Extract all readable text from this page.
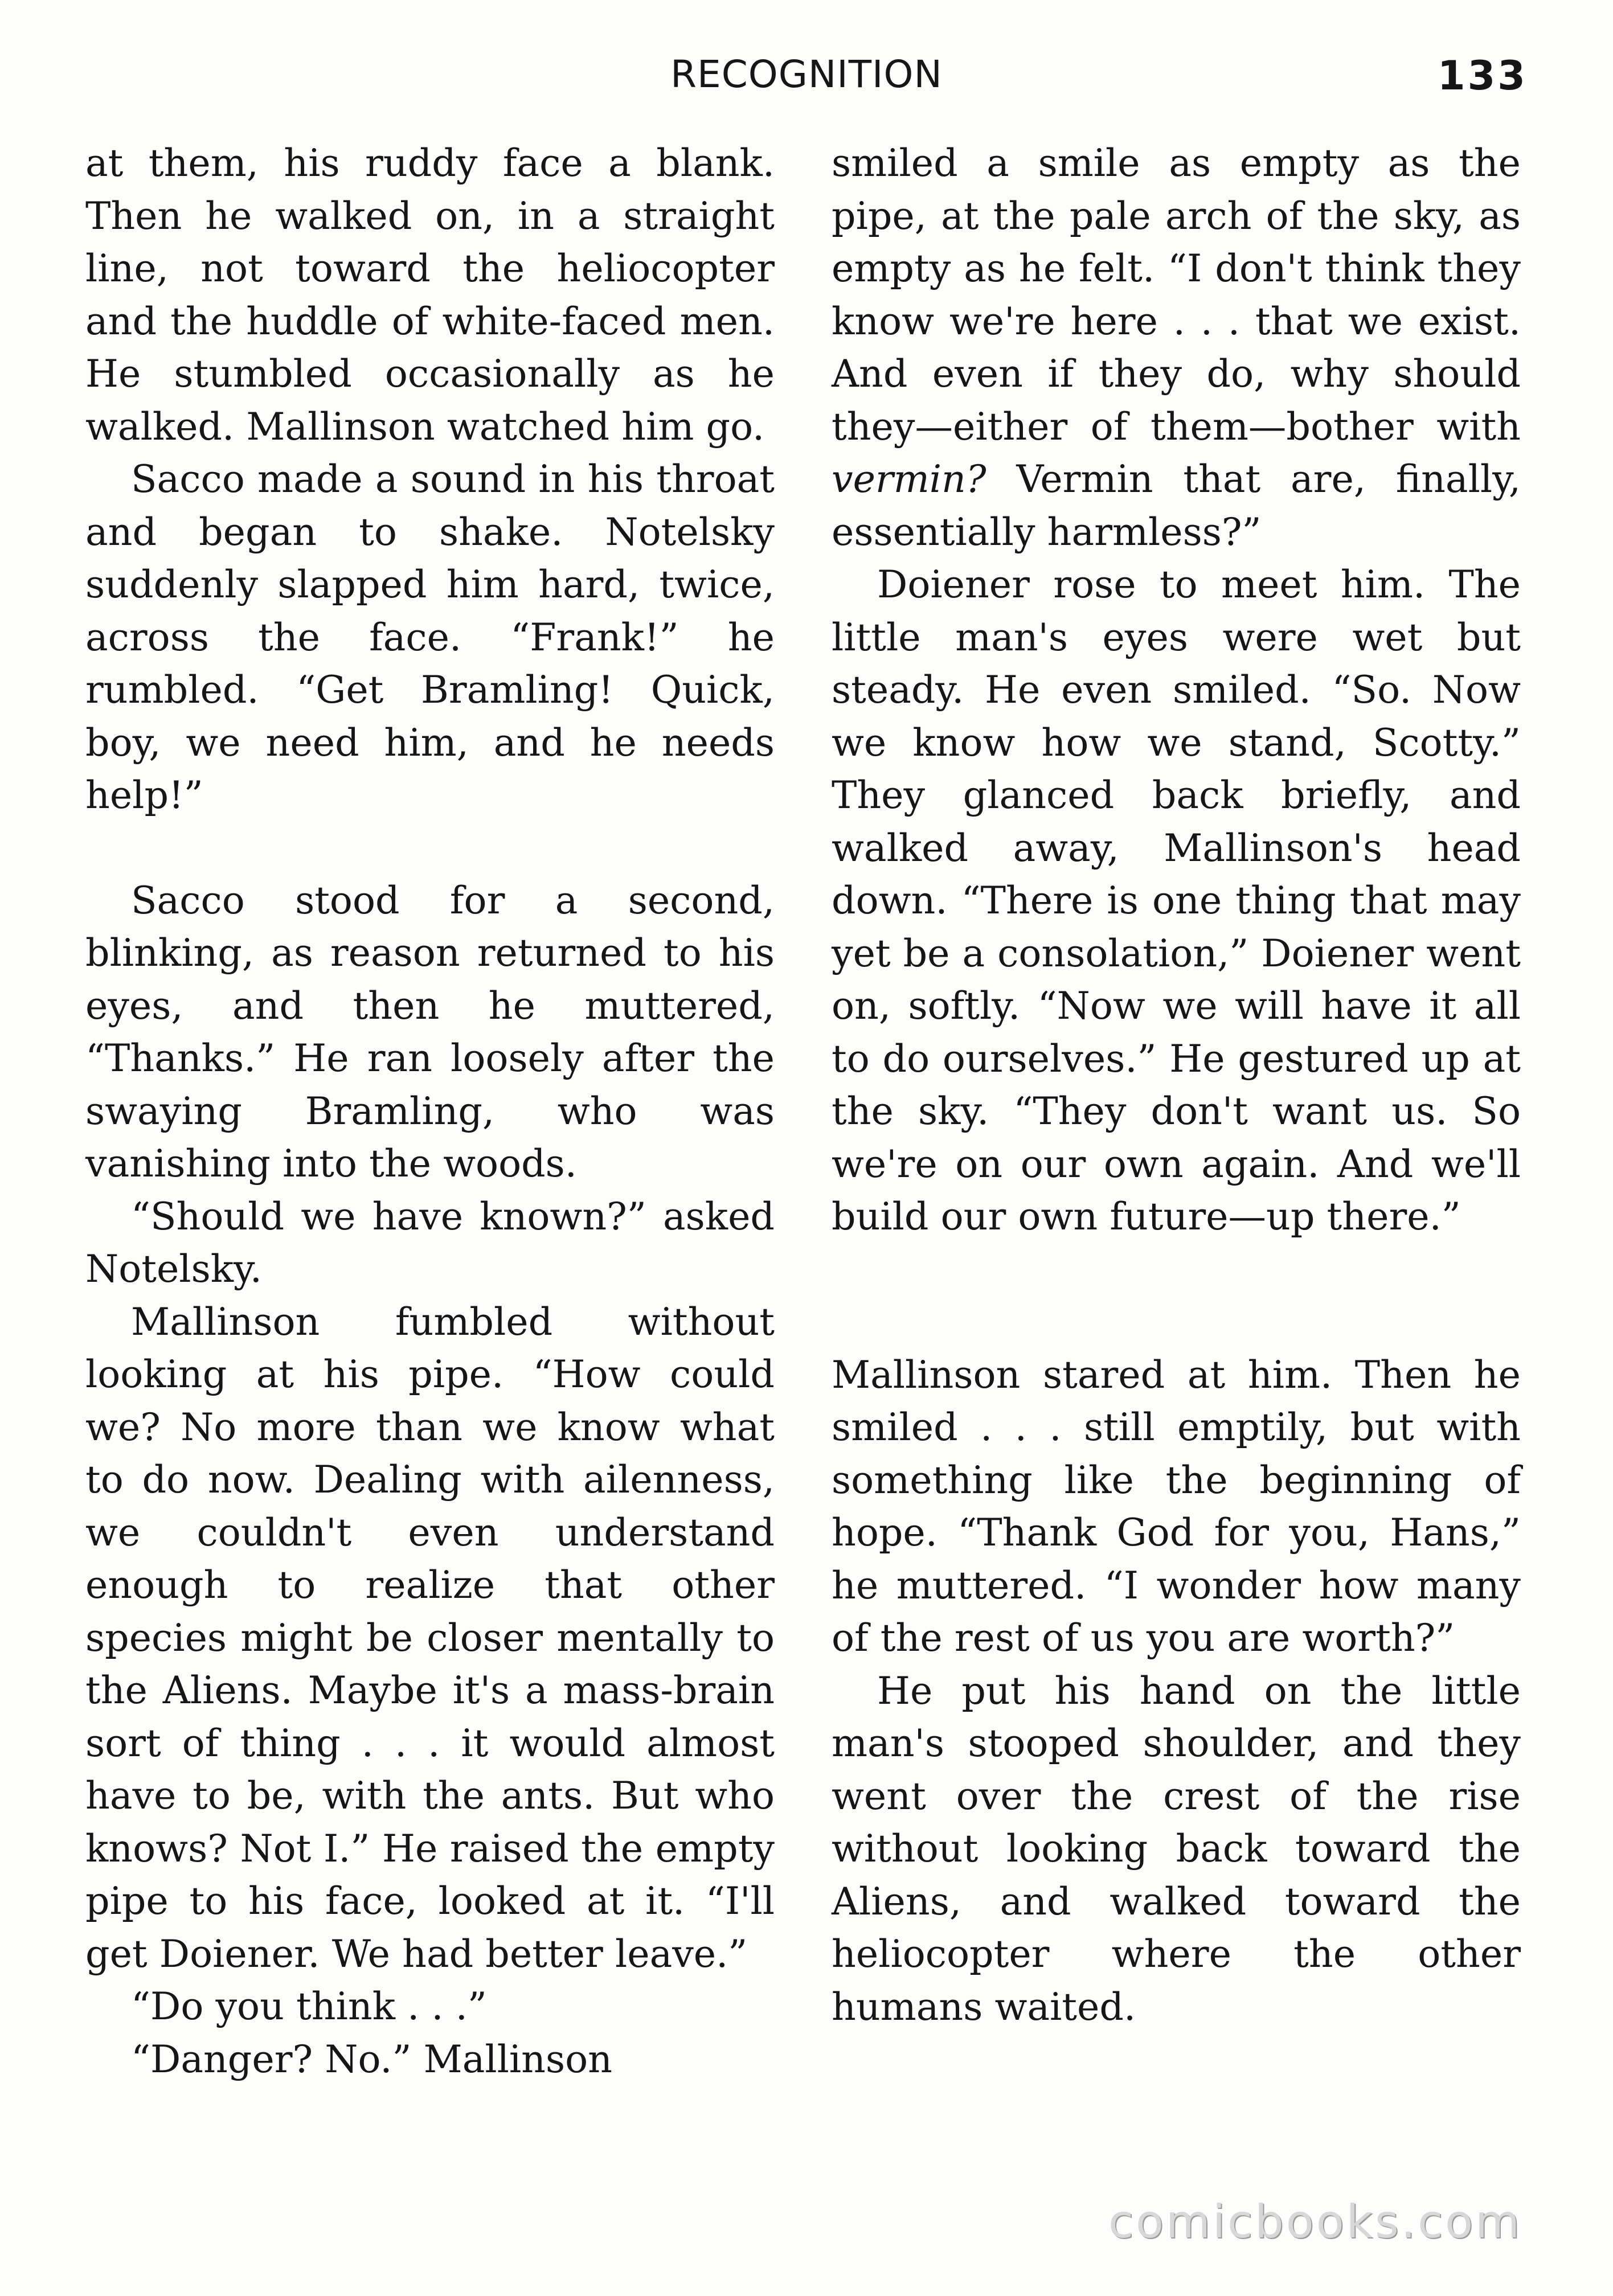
RECOGNITION	133

at them, his ruddy face a blank. Then he walked on, in a straight line, not toward the heliocopter and the huddle of white-faced men. He stumbled occasionally as he walked. Mallinson watched him go.

Sacco made a sound in his throat and began to shake. Notelsky suddenly slapped him hard, twice, across the face. “Frank!” he rumbled. “Get Bramling! Quick, boy, we need him, and he needs help!”

Sacco stood for a second, blinking, as reason returned to his eyes, and then he muttered, “Thanks.” He ran loosely after the swaying Bramling, who was vanishing into the woods.

“Should we have known?” asked Notelsky.

Mallinson fumbled without looking at his pipe. “How could we? No more than we know what to do now. Dealing with ailenness, we couldn't even understand enough to realize that other species might be closer mentally to the Aliens. Maybe it's a mass-brain sort of thing . . . it would almost have to be, with the ants. But who knows? Not I.” He raised the empty pipe to his face, looked at it. “I'll get Doiener. We had better leave.”

“Do you think . . .”

“Danger? No.” Mallinson

smiled a smile as empty as the pipe, at the pale arch of the sky, as empty as he felt. “I don't think they know we're here . . . that we exist. And even if they do, why should they—either of them—bother with vermin? Vermin that are, finally, essentially harmless?”

Doiener rose to meet him. The little man's eyes were wet but steady. He even smiled. “So. Now we know how we stand, Scotty.” They glanced back briefly, and walked away, Mallinson's head down. “There is one thing that may yet be a consolation,” Doiener went on, softly. “Now we will have it all to do ourselves.” He gestured up at the sky. “They don't want us. So we're on our own again. And we'll build our own future—up there.”

Mallinson stared at him. Then he smiled . . . still emptily, but with something like the beginning of hope. “Thank God for you, Hans,” he muttered. “I wonder how many of the rest of us you are worth?”

He put his hand on the little man's stooped shoulder, and they went over the crest of the rise without looking back toward the Aliens, and walked toward the heliocopter where the other humans waited.

comicbooks.com
